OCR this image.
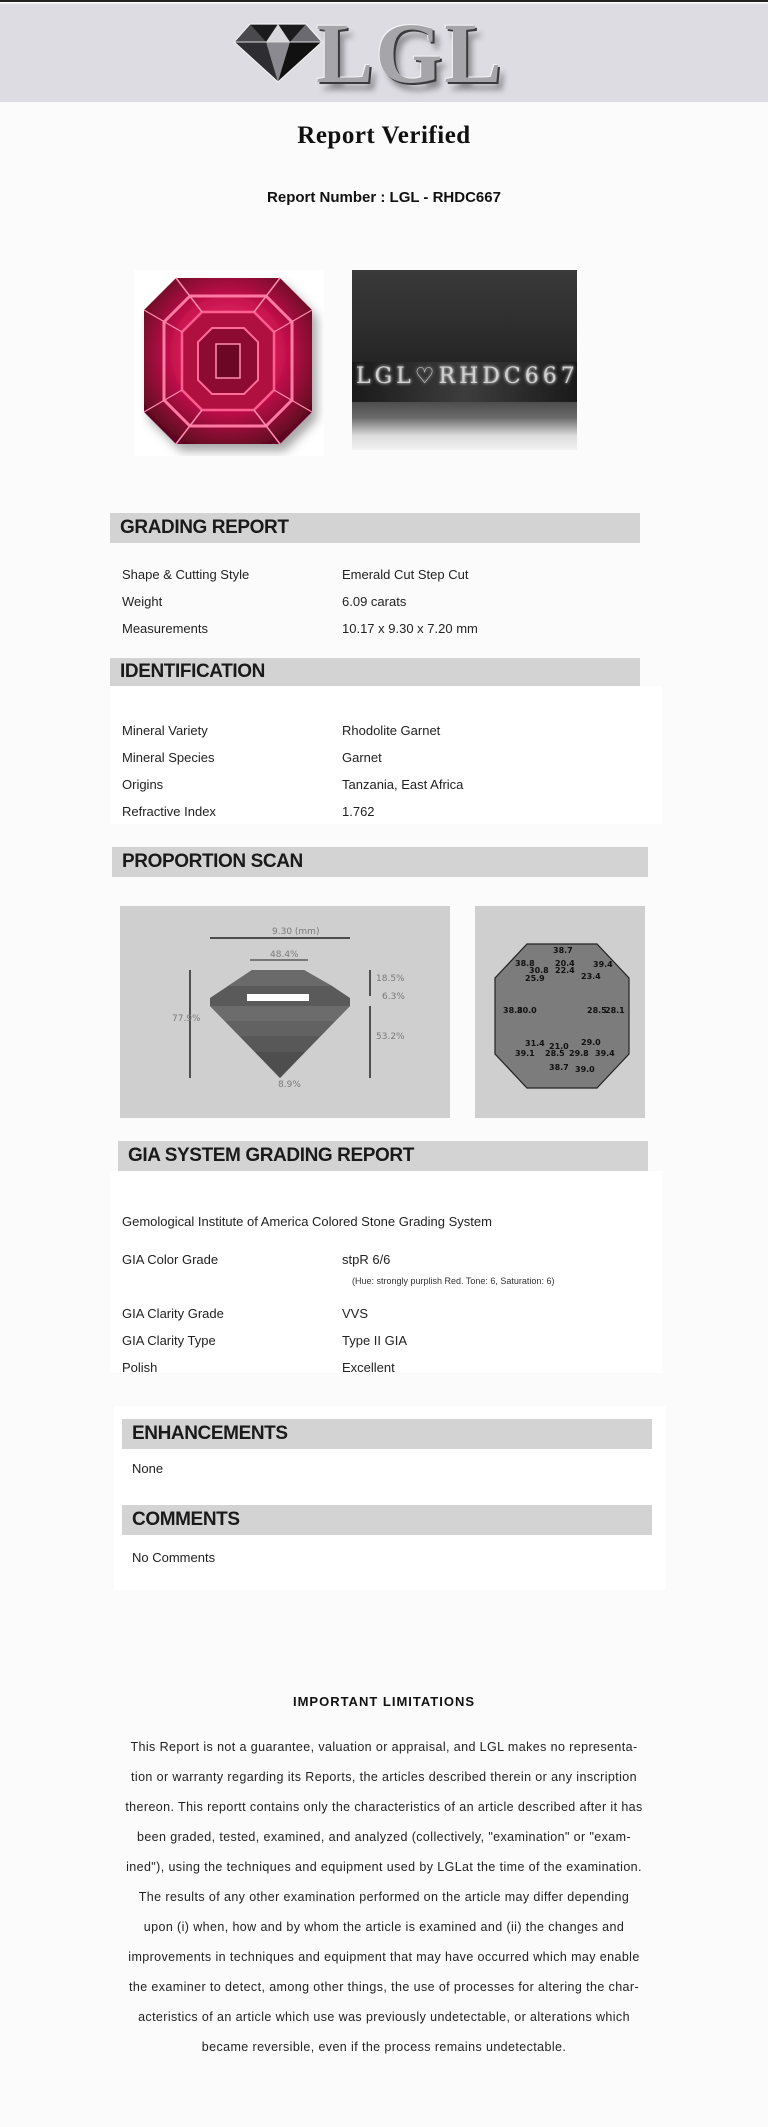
LGL
Report Verified
Report Number : LGL - RHDC667
LGL♡RHDC667
GRADING REPORT
Shape & Cutting Style	Emerald Cut Step Cut
Weight	6.09 carats
Measurements	10.17 x 9.30 x 7.20 mm
IDENTIFICATION
Mineral Variety	Rhodolite Garnet
Mineral Species	Garnet
Origins	Tanzania, East Africa
Refractive Index	1.762
PROPORTION SCAN
9.30 (mm)
48.4%
18.5%
6.3%
53.2%
77.9%
8.9%
38.7
38.8
30.8
20.4
22.4
39.4
25.9	23.4
38.8
30.0	28.5
28.1
31.4 21.0 29.0
39.1 28.5 29.8 39.4
38.7 39.0
GIA SYSTEM GRADING REPORT
Gemological Institute of America Colored Stone Grading System
GIA Color Grade	stpR 6/6
(Hue: strongly purplish Red. Tone: 6, Saturation: 6)
GIA Clarity Grade	VVS
GIA Clarity Type	Type II GIA
Polish	Excellent
ENHANCEMENTS
None
COMMENTS
No Comments
IMPORTANT LIMITATIONS
This Report is not a guarantee, valuation or appraisal, and LGL makes no representa-
tion or warranty regarding its Reports, the articles described therein or any inscription
thereon. This reportt contains only the characteristics of an article described after it has
been graded, tested, examined, and analyzed (collectively, "examination" or "exam-
ined"), using the techniques and equipment used by LGLat the time of the examination.
The results of any other examination performed on the article may differ depending
upon (i) when, how and by whom the article is examined and (ii) the changes and
improvements in techniques and equipment that may have occurred which may enable
the examiner to detect, among other things, the use of processes for altering the char-
acteristics of an article which use was previously undetectable, or alterations which
became reversible, even if the process remains undetectable.
